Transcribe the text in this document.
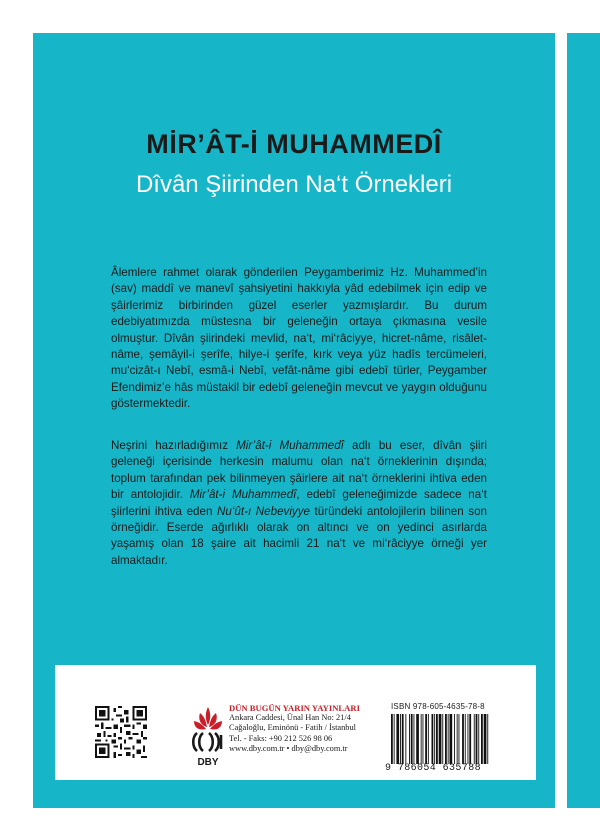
MİR’ÂT-İ MUHAMMEDÎ
Dîvân Şiirinden Na‘t Örnekleri
Âlemlere rahmet olarak gönderilen Peygamberimiz Hz. Muhammed’in (sav) maddî ve manevî şahsiyetini hakkıyla yâd edebilmek için edip ve şâirlerimiz birbirinden güzel eserler yazmışlardır. Bu durum edebiyatımızda müstesna bir geleneğin ortaya çıkmasına vesile olmuştur. Dîvân şiirindeki mevlid, na‘t, mi‘râciyye, hicret-nâme, risâlet-nâme, şemâyil-i şerîfe, hilye-i şerîfe, kırk veya yüz hadîs tercümeleri, mu‘cizât-ı Nebî, esmâ-i Nebî, vefât-nâme gibi edebî türler, Peygamber Efendimiz’e hâs müstakil bir edebî geleneğin mevcut ve yaygın olduğunu göstermektedir.
Neşrini hazırladığımız Mir’ât-i Muhammedî adlı bu eser, dîvân şiiri geleneği içerisinde herkesin malumu olan na‘t örneklerinin dışında; toplum tarafından pek bilinmeyen şâirlere ait na‘t örneklerini ihtiva eden bir antolojidir. Mir’ât-i Muhammedî, edebî geleneğimizde sadece na‘t şiirlerini ihtiva eden Nu‘ût-ı Nebeviyye türündeki antolojilerin bilinen son örneğidir. Eserde ağırlıklı olarak on altıncı ve on yedinci asırlarda yaşamış olan 18 şaire ait hacimli 21 na‘t ve mi‘râciyye örneği yer almaktadır.
DBY
DÜN BUGÜN YARIN YAYINLARI
Ankara Caddesi, Ünal Han No: 21/4
Cağaloğlu, Eminönü - Fatih / İstanbul
Tel. - Faks: +90 212 526 98 06
www.dby.com.tr • dby@dby.com.tr
ISBN 978-605-4635-78-8
9 786054 635788
